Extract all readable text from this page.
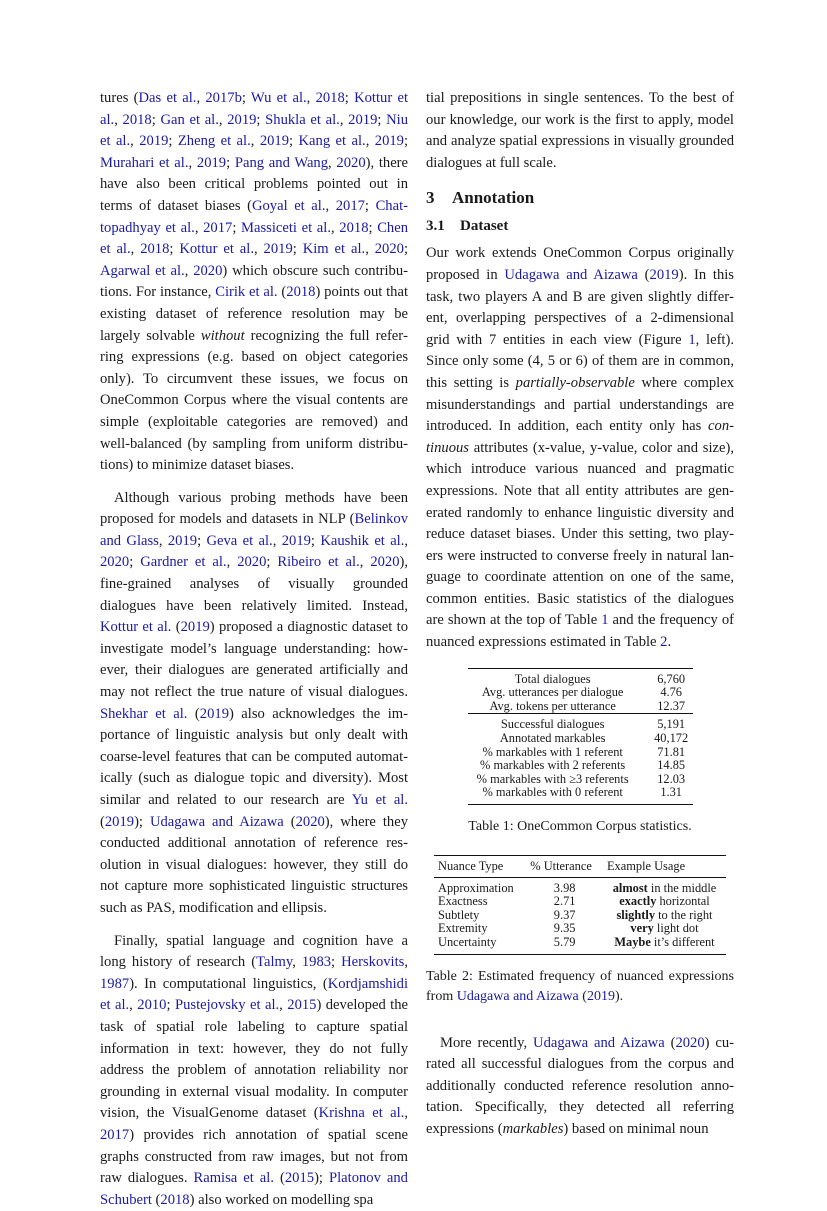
tures (Das et al., 2017b; Wu et al., 2018; Kottur et al., 2018; Gan et al., 2019; Shukla et al., 2019; Niu et al., 2019; Zheng et al., 2019; Kang et al., 2019; Murahari et al., 2019; Pang and Wang, 2020), there have also been critical problems pointed out in terms of dataset biases (Goyal et al., 2017; Chattopadhyay et al., 2017; Massiceti et al., 2018; Chen et al., 2018; Kottur et al., 2019; Kim et al., 2020; Agarwal et al., 2020) which obscure such contributions. For instance, Cirik et al. (2018) points out that existing dataset of reference resolution may be largely solvable without recognizing the full referring expressions (e.g. based on object categories only). To circumvent these issues, we focus on OneCommon Corpus where the visual contents are simple (exploitable categories are removed) and well-balanced (by sampling from uniform distributions) to minimize dataset biases.

Although various probing methods have been proposed for models and datasets in NLP (Belinkov and Glass, 2019; Geva et al., 2019; Kaushik et al., 2020; Gardner et al., 2020; Ribeiro et al., 2020), fine-grained analyses of visually grounded dialogues have been relatively limited. Instead, Kottur et al. (2019) proposed a diagnostic dataset to investigate model’s language understanding: however, their dialogues are generated artificially and may not reflect the true nature of visual dialogues. Shekhar et al. (2019) also acknowledges the importance of linguistic analysis but only dealt with coarse-level features that can be computed automatically (such as dialogue topic and diversity). Most similar and related to our research are Yu et al. (2019); Udagawa and Aizawa (2020), where they conducted additional annotation of reference resolution in visual dialogues: however, they still do not capture more sophisticated linguistic structures such as PAS, modification and ellipsis.

Finally, spatial language and cognition have a long history of research (Talmy, 1983; Herskovits, 1987). In computational linguistics, (Kordjamshidi et al., 2010; Pustejovsky et al., 2015) developed the task of spatial role labeling to capture spatial information in text: however, they do not fully address the problem of annotation reliability nor grounding in external visual modality. In computer vision, the VisualGenome dataset (Krishna et al., 2017) provides rich annotation of spatial scene graphs constructed from raw images, but not from raw dialogues. Ramisa et al. (2015); Platonov and Schubert (2018) also worked on modelling spa

tial prepositions in single sentences. To the best of our knowledge, our work is the first to apply, model and analyze spatial expressions in visually grounded dialogues at full scale.

3 Annotation
3.1 Dataset

Our work extends OneCommon Corpus originally proposed in Udagawa and Aizawa (2019). In this task, two players A and B are given slightly different, overlapping perspectives of a 2-dimensional grid with 7 entities in each view (Figure 1, left). Since only some (4, 5 or 6) of them are in common, this setting is partially-observable where complex misunderstandings and partial understandings are introduced. In addition, each entity only has continuous attributes (x-value, y-value, color and size), which introduce various nuanced and pragmatic expressions. Note that all entity attributes are generated randomly to enhance linguistic diversity and reduce dataset biases. Under this setting, two players were instructed to converse freely in natural language to coordinate attention on one of the same, common entities. Basic statistics of the dialogues are shown at the top of Table 1 and the frequency of nuanced expressions estimated in Table 2.

Total dialogues	6,760
Avg. utterances per dialogue	4.76
Avg. tokens per utterance	12.37
Successful dialogues	5,191
Annotated markables	40,172
% markables with 1 referent	71.81
% markables with 2 referents	14.85
% markables with ≥3 referents	12.03
% markables with 0 referent	1.31
Table 1: OneCommon Corpus statistics.
Nuance Type	% Utterance	Example Usage
Approximation	3.98	almost in the middle
Exactness	2.71	exactly horizontal
Subtlety	9.37	slightly to the right
Extremity	9.35	very light dot
Uncertainty	5.79	Maybe it’s different
Table 2: Estimated frequency of nuanced expressions from Udagawa and Aizawa (2019).

More recently, Udagawa and Aizawa (2020) curated all successful dialogues from the corpus and additionally conducted reference resolution annotation. Specifically, they detected all referring expressions (markables) based on minimal noun
